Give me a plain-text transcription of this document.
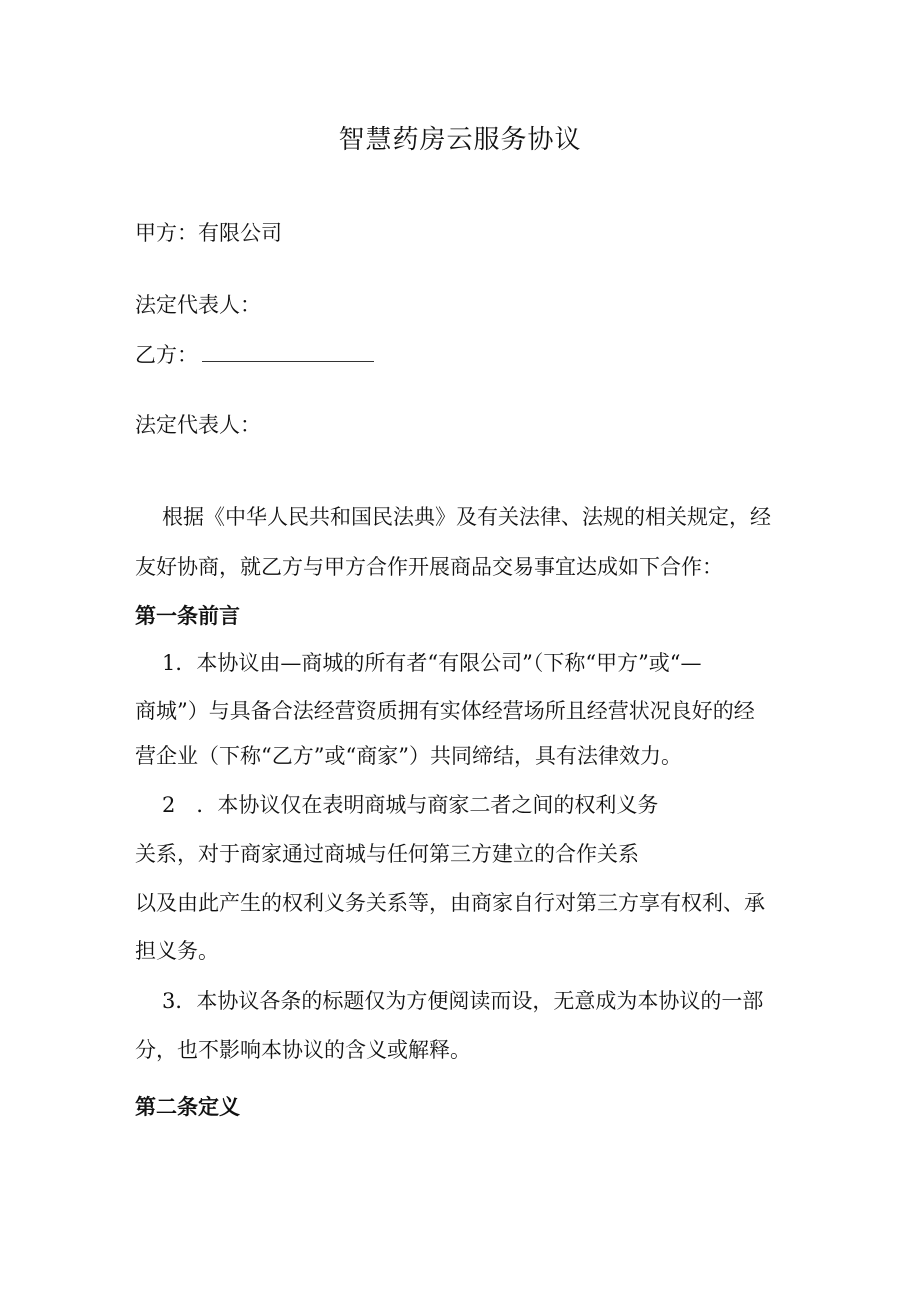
智慧药房云服务协议
甲方：有限公司
法定代表人：
乙方：
法定代表人：
根据《中华人民共和国民法典》及有关法律、法规的相关规定，经
友好协商，就乙方与甲方合作开展商品交易事宜达成如下合作：
第一条前言
1．本协议由—商城的所有者“有限公司”（下称“甲方”或“—
商城”）与具备合法经营资质拥有实体经营场所且经营状况良好的经
营企业（下称“乙方”或“商家”）共同缔结，具有法律效力。
2　．本协议仅在表明商城与商家二者之间的权利义务
关系，对于商家通过商城与任何第三方建立的合作关系
以及由此产生的权利义务关系等，由商家自行对第三方享有权利、承
担义务。
3．本协议各条的标题仅为方便阅读而设，无意成为本协议的一部
分，也不影响本协议的含义或解释。
第二条定义
